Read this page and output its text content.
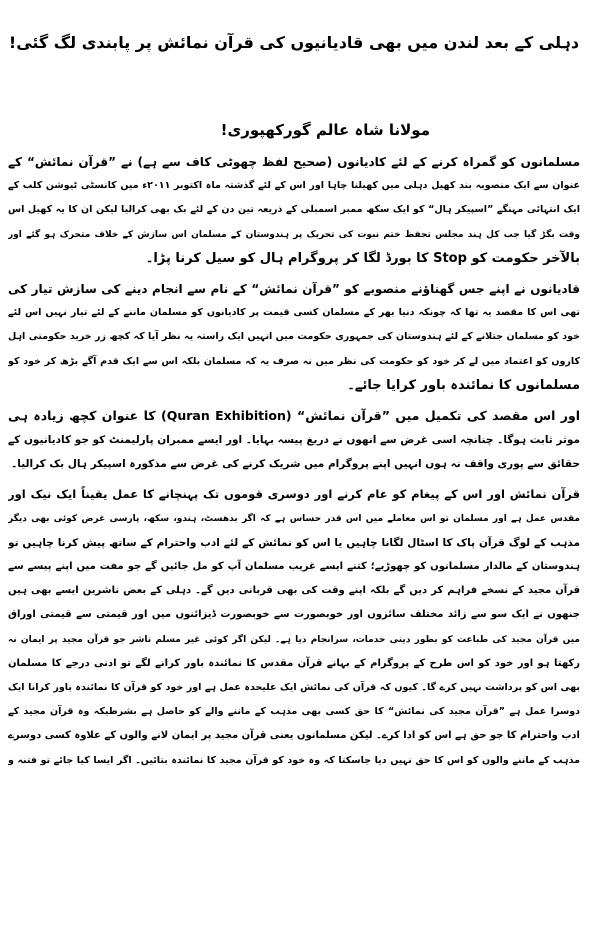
دہلی کے بعد لندن میں بھی قادیانیوں کی قرآن نمائش پر پابندی لگ گئی!
مولانا شاہ عالم گورکھپوری!
مسلمانوں کو گمراہ کرنے کے لئے کادیانوں (صحیح لفظ چھوٹی کاف سے ہے) نے ”قرآن نمائش“ کے
عنوان سے ایک منصوبہ بند کھیل دہلی میں کھیلنا چاہا اور اس کے لئے گذشتہ ماہ اکتوبر ۲۰۱۱ء میں کانسٹی ٹیوشن کلب کے
ایک انتہائی مہنگے ”اسپیکر ہال“ کو ایک سکھ ممبر اسمبلی کے ذریعہ تین دن کے لئے بک بھی کرالیا لیکن ان کا یہ کھیل اس
وقت بگڑ گیا جب کل ہند مجلس تحفظ ختم نبوت کی تحریک پر ہندوستان کے مسلمان اس سازش کے خلاف متحرک ہو گئے اور
بالآخر حکومت کو Stop کا بورڈ لگا کر پروگرام ہال کو سیل کرنا پڑا۔
قادیانوں نے اپنے جس گھناؤنے منصوبے کو ”قرآن نمائش“ کے نام سے انجام دینے کی سازش تیار کی
تھی اس کا مقصد یہ تھا کہ چونکہ دنیا بھر کے مسلمان کسی قیمت پر کادیانوں کو مسلمان ماننے کے لئے تیار نہیں اس لئے
خود کو مسلمان جتلانے کے لئے ہندوستان کی جمہوری حکومت میں انہیں ایک راستہ یہ نظر آیا کہ کچھ زر خرید حکومتی اہل
کاروں کو اعتماد میں لے کر خود کو حکومت کی نظر میں نہ صرف یہ کہ مسلمان بلکہ اس سے ایک قدم آگے بڑھ کر خود کو
مسلمانوں کا نمائندہ باور کرایا جائے۔
اور اس مقصد کی تکمیل میں ”قرآن نمائش“ (Quran Exhibition) کا عنوان کچھ زیادہ ہی
موثر ثابت ہوگا۔ چنانچہ اسی غرض سے انھوں نے دریغ پیسہ بہایا۔ اور ایسے ممبران پارلیمنٹ کو جو کادیانیوں کے
حقائق سے پوری واقف نہ ہوں انہیں اپنے پروگرام میں شریک کرنے کی غرض سے مذکورہ اسپیکر ہال بک کرالیا۔
قرآن نمائش اور اس کے پیغام کو عام کرنے اور دوسری قوموں تک پہنچانے کا عمل یقیناً ایک نیک اور
مقدس عمل ہے اور مسلمان تو اس معاملے میں اس قدر حساس ہے کہ اگر بدھسٹ، ہندو، سکھ، پارسی غرض کوئی بھی دیگر
مذہب کے لوگ قرآن پاک کا اسٹال لگانا چاہیں یا اس کو نمائش کے لئے ادب واحترام کے ساتھ پیش کرنا چاہیں تو
ہندوستان کے مالدار مسلمانوں کو چھوڑیے؛ کتنے ایسے غریب مسلمان آپ کو مل جائیں گے جو مفت میں اپنے پیسے سے
قرآن مجید کے نسخے فراہم کر دیں گے بلکہ اپنے وقت کی بھی قربانی دیں گے۔ دہلی کے بعض ناشرین ایسے بھی ہیں
جنھوں نے ایک سو سے زائد مختلف سائزوں اور خوبصورت سے خوبصورت ڈیزائنوں میں اور قیمتی سے قیمتی اوراق
میں قرآن مجید کی طباعت کو بطور دینی خدمات، سرانجام دیا ہے۔ لیکن اگر کوئی غیر مسلم ناشر جو قرآن مجید پر ایمان نہ
رکھتا ہو اور خود کو اس طرح کے پروگرام کے بہانے قرآن مقدس کا نمائندہ باور کرانے لگے تو ادنی درجے کا مسلمان
بھی اس کو برداشت نہیں کرے گا۔ کیوں کہ قرآن کی نمائش ایک علیحدہ عمل ہے اور خود کو قرآن کا نمائندہ باور کرانا ایک
دوسرا عمل ہے ”قرآن مجید کی نمائش“ کا حق کسی بھی مذہب کے ماننے والے کو حاصل ہے بشرطیکہ وہ قرآن مجید کے
ادب واحترام کا جو حق ہے اس کو ادا کرے۔ لیکن مسلمانوں یعنی قرآن مجید پر ایمان لانے والوں کے علاوہ کسی دوسرے
مذہب کے ماننے والوں کو اس کا حق نہیں دیا جاسکتا کہ وہ خود کو قرآن مجید کا نمائندہ بتائیں۔ اگر ایسا کیا جائے تو فتنہ و
